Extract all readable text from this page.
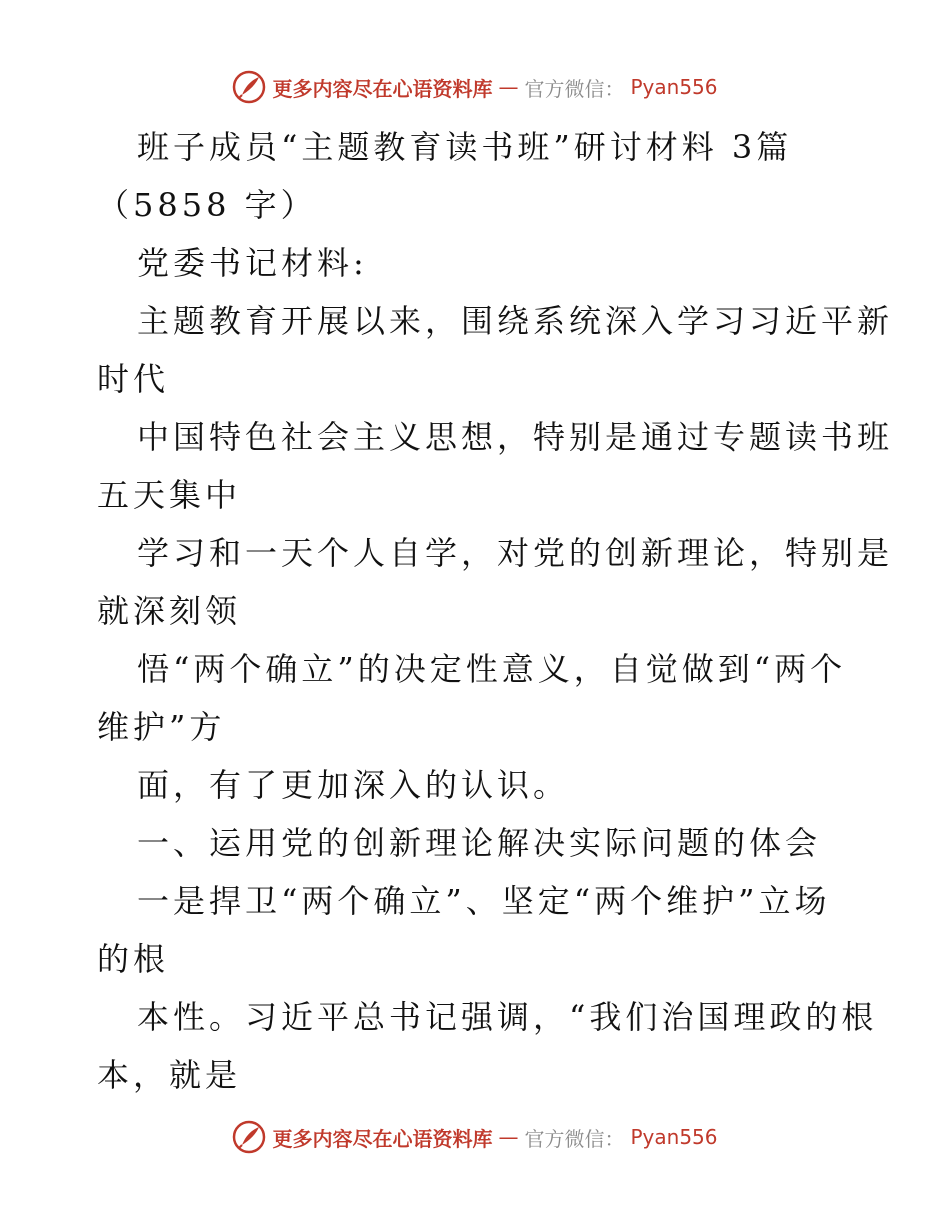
更多内容尽在心语资料库 — 官方微信： Pyan556

班子成员“主题教育读书班”研讨材料 3篇

（5858 字）

党委书记材料:

主题教育开展以来，围绕系统深入学习习近平新

时代

中国特色社会主义思想，特别是通过专题读书班

五天集中

学习和一天个人自学，对党的创新理论，特别是

就深刻领

悟“两个确立”的决定性意义，自觉做到“两个

维护”方

面，有了更加深入的认识。

一、运用党的创新理论解决实际问题的体会

一是捍卫“两个确立”、坚定“两个维护”立场

的根

本性。习近平总书记强调，“我们治国理政的根

本，就是

更多内容尽在心语资料库 — 官方微信： Pyan556
